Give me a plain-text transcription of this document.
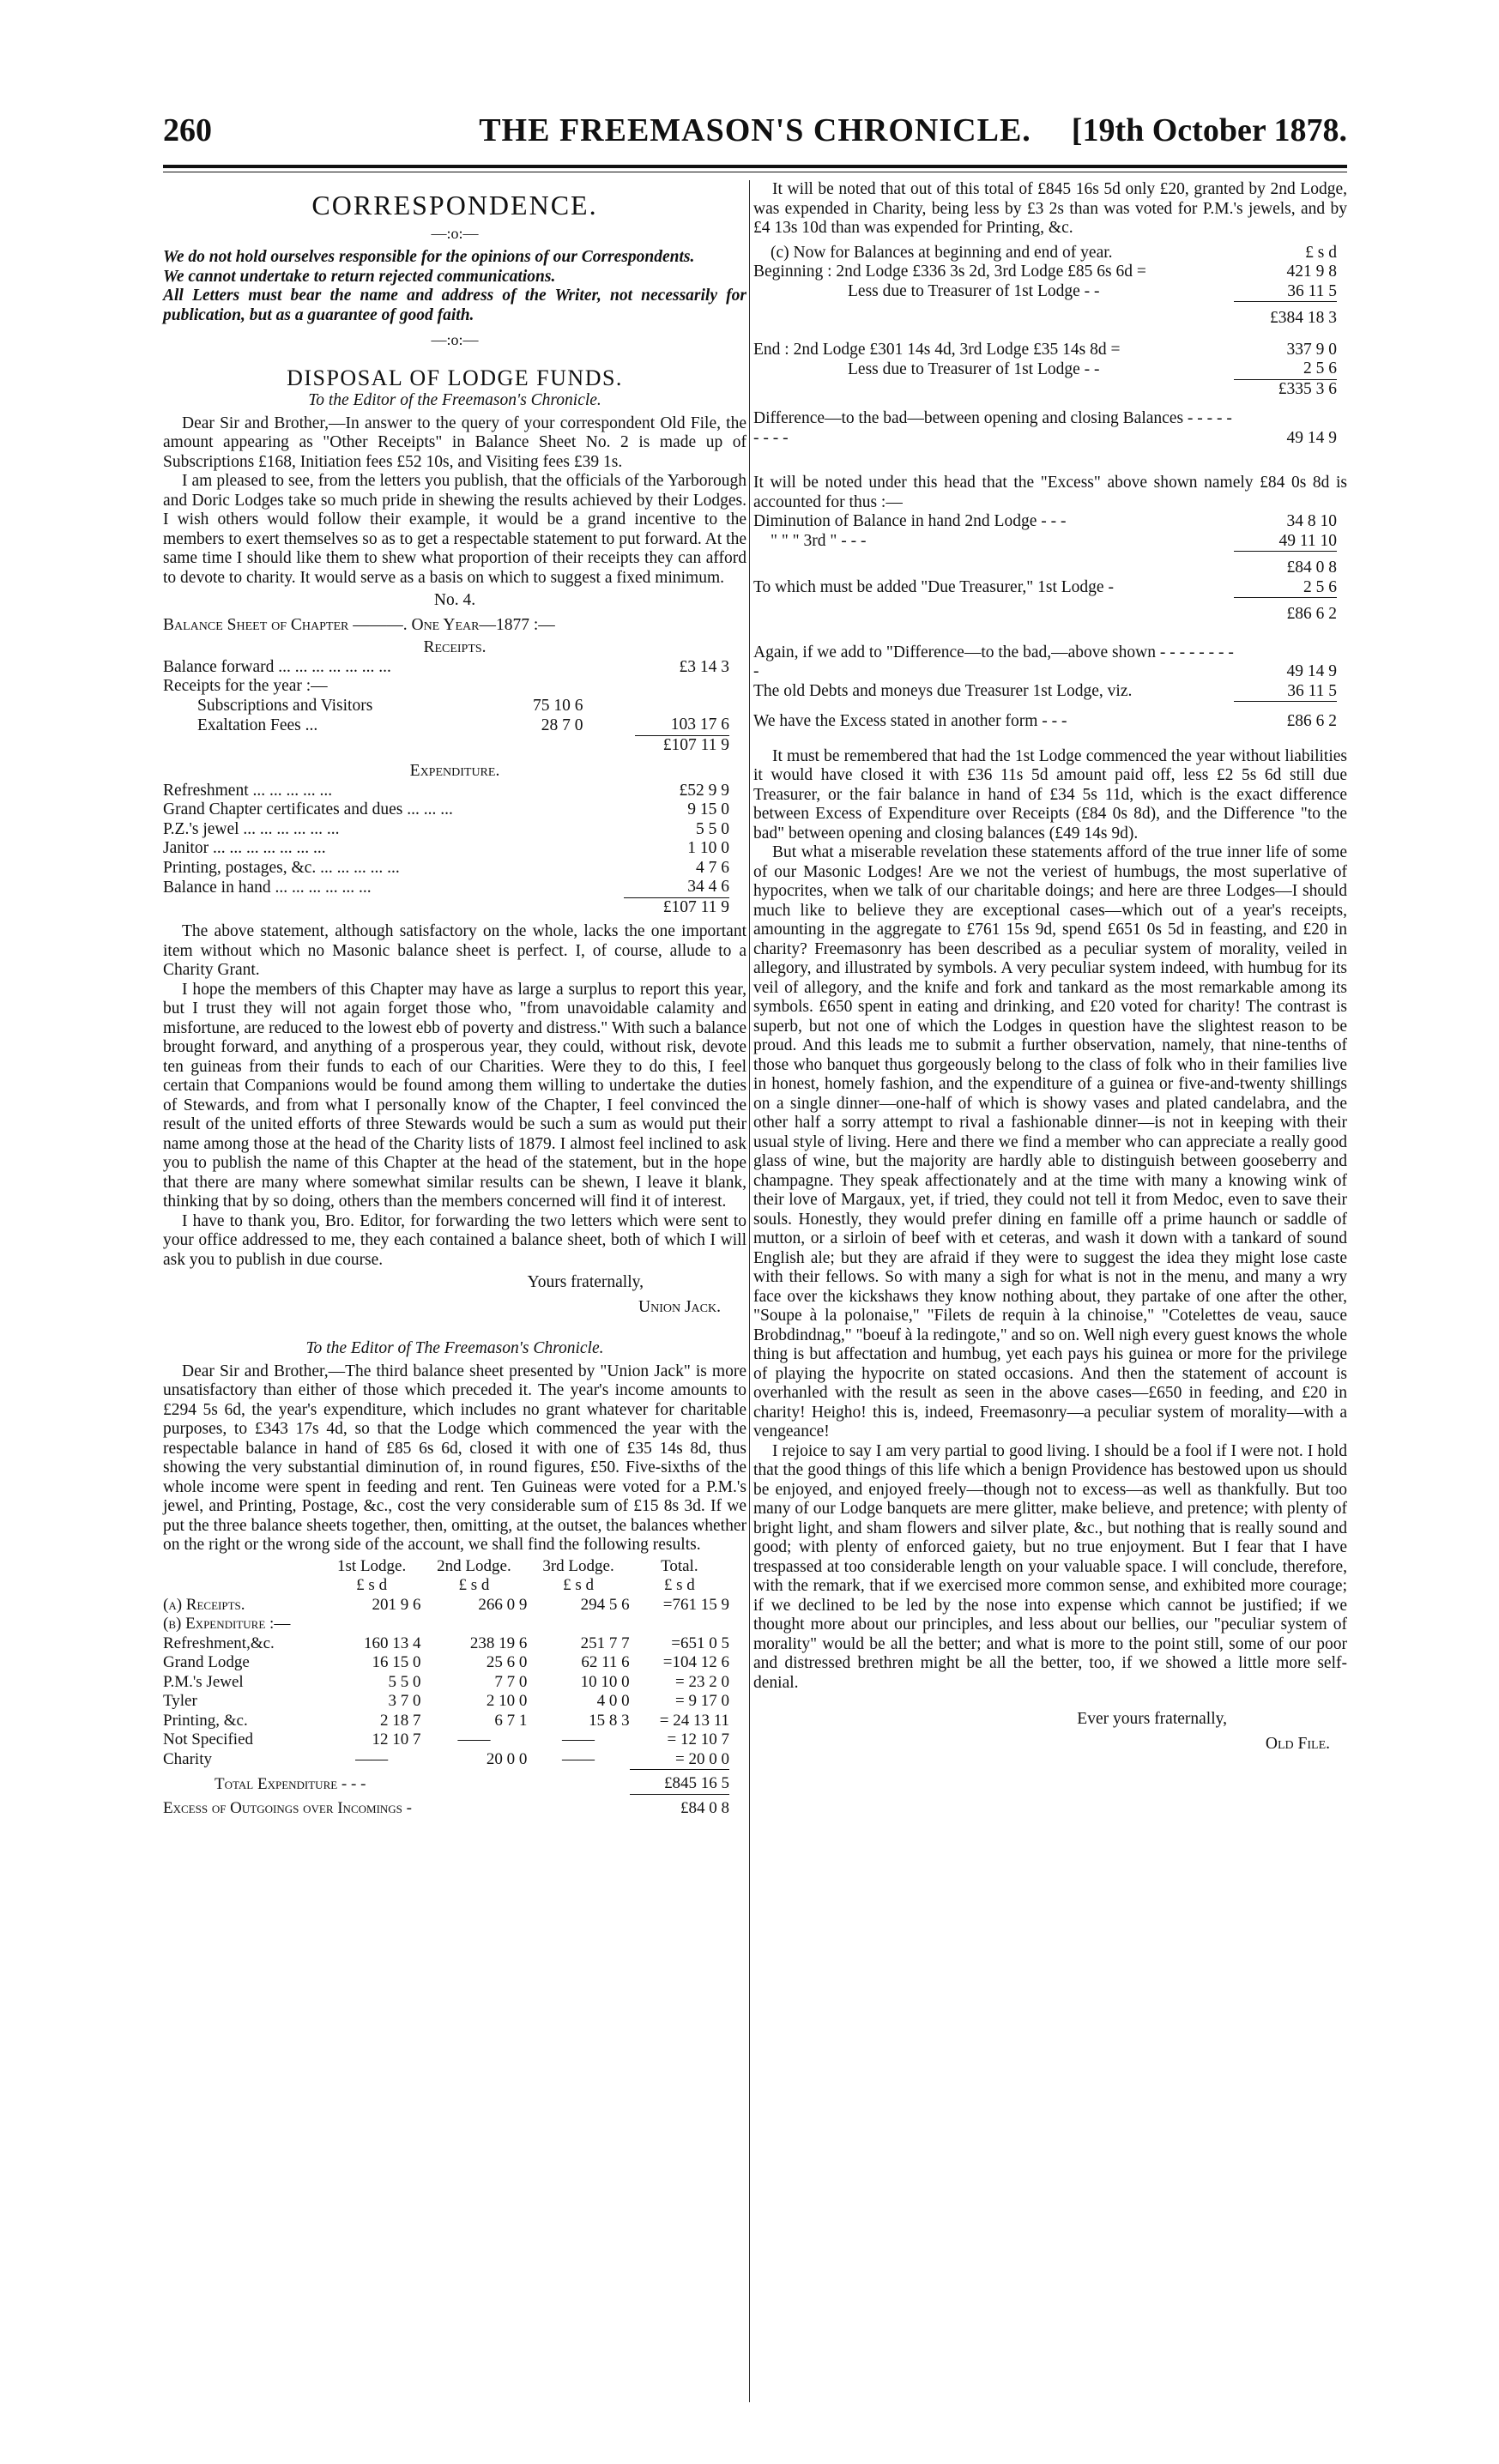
260	THE FREEMASON'S CHRONICLE.	[19th October 1878.
CORRESPONDENCE.
—:o:—

We do not hold ourselves responsible for the opinions of our Correspondents.

We cannot undertake to return rejected communications.

All Letters must bear the name and address of the Writer, not necessarily for publication, but as a guarantee of good faith.

—:o:—
DISPOSAL OF LODGE FUNDS.
To the Editor of the Freemason's Chronicle.

Dear Sir and Brother,—In answer to the query of your correspondent Old File, the amount appearing as "Other Receipts" in Balance Sheet No. 2 is made up of Subscriptions £168, Initiation fees £52 10s, and Visiting fees £39 1s.

I am pleased to see, from the letters you publish, that the officials of the Yarborough and Doric Lodges take so much pride in shewing the results achieved by their Lodges. I wish others would follow their example, it would be a grand incentive to the members to exert themselves so as to get a respectable statement to put forward. At the same time I should like them to shew what proportion of their receipts they can afford to devote to charity. It would serve as a basis on which to suggest a fixed minimum.

No. 4.
Balance Sheet of Chapter ———. One Year—1877 :—
Receipts.
Balance forward ... ... ... ... ... ... ...		£3 14 3
Receipts for the year :—		
Subscriptions and Visitors	75 10 6	
Exaltation Fees ...	28 7 0	103 17 6
		£107 11 9
Expenditure.
Refreshment ... ... ... ... ...	£52 9 9
Grand Chapter certificates and dues ... ... ...	9 15 0
P.Z.'s jewel ... ... ... ... ... ...	5 5 0
Janitor ... ... ... ... ... ... ...	1 10 0
Printing, postages, &c. ... ... ... ... ...	4 7 6
Balance in hand ... ... ... ... ... ...	34 4 6
	£107 11 9

The above statement, although satisfactory on the whole, lacks the one important item without which no Masonic balance sheet is perfect. I, of course, allude to a Charity Grant.

I hope the members of this Chapter may have as large a surplus to report this year, but I trust they will not again forget those who, "from unavoidable calamity and misfortune, are reduced to the lowest ebb of poverty and distress." With such a balance brought forward, and anything of a prosperous year, they could, without risk, devote ten guineas from their funds to each of our Charities. Were they to do this, I feel certain that Companions would be found among them willing to undertake the duties of Stewards, and from what I personally know of the Chapter, I feel convinced the result of the united efforts of three Stewards would be such a sum as would put their name among those at the head of the Charity lists of 1879. I almost feel inclined to ask you to publish the name of this Chapter at the head of the statement, but in the hope that there are many where somewhat similar results can be shewn, I leave it blank, thinking that by so doing, others than the members concerned will find it of interest.

I have to thank you, Bro. Editor, for forwarding the two letters which were sent to your office addressed to me, they each contained a balance sheet, both of which I will ask you to publish in due course.

Yours fraternally,
Union Jack.
To the Editor of The Freemason's Chronicle.

Dear Sir and Brother,—The third balance sheet presented by "Union Jack" is more unsatisfactory than either of those which preceded it. The year's income amounts to £294 5s 6d, the year's expenditure, which includes no grant whatever for charitable purposes, to £343 17s 4d, so that the Lodge which commenced the year with the respectable balance in hand of £85 6s 6d, closed it with one of £35 14s 8d, thus showing the very substantial diminution of, in round figures, £50. Five-sixths of the whole income were spent in feeding and rent. Ten Guineas were voted for a P.M.'s jewel, and Printing, Postage, &c., cost the very considerable sum of £15 8s 3d. If we put the three balance sheets together, then, omitting, at the outset, the balances whether on the right or the wrong side of the account, we shall find the following results.

	1st Lodge.	2nd Lodge.	3rd Lodge.	Total.
	£ s d	£ s d	£ s d	£ s d
(a) Receipts.	201 9 6	266 0 9	294 5 6	=761 15 9
(b) Expenditure :—				
Refreshment,&c.	160 13 4	238 19 6	251 7 7	=651 0 5
Grand Lodge	16 15 0	25 6 0	62 11 6	=104 12 6
P.M.'s Jewel	5 5 0	7 7 0	10 10 0	= 23 2 0
Tyler	3 7 0	2 10 0	4 0 0	= 9 17 0
Printing, &c.	2 18 7	6 7 1	15 8 3	= 24 13 11
Not Specified	12 10 7	——	——	= 12 10 7
Charity	——	20 0 0	——	= 20 0 0
Total Expenditure - - -				£845 16 5
Excess of Outgoings over Incomings -				£84 0 8

It will be noted that out of this total of £845 16s 5d only £20, granted by 2nd Lodge, was expended in Charity, being less by £3 2s than was voted for P.M.'s jewels, and by £4 13s 10d than was expended for Printing, &c.

(c) Now for Balances at beginning and end of year.	£ s d
Beginning : 2nd Lodge £336 3s 2d, 3rd Lodge £85 6s 6d =	421 9 8
Less due to Treasurer of 1st Lodge - -	36 11 5
	£384 18 3
End : 2nd Lodge £301 14s 4d, 3rd Lodge £35 14s 8d =	337 9 0
Less due to Treasurer of 1st Lodge - -	2 5 6
	£335 3 6
Difference—to the bad—between opening and closing Balances - - - - - - - - -	49 14 9

It will be noted under this head that the "Excess" above shown namely £84 0s 8d is accounted for thus :—

Diminution of Balance in hand 2nd Lodge - - -	34 8 10
" " " 3rd " - - -	49 11 10
	£84 0 8
To which must be added "Due Treasurer," 1st Lodge -	2 5 6
	£86 6 2
Again, if we add to "Difference—to the bad,—above shown - - - - - - - - -	49 14 9
The old Debts and moneys due Treasurer 1st Lodge, viz.	36 11 5
We have the Excess stated in another form - - -	£86 6 2

It must be remembered that had the 1st Lodge commenced the year without liabilities it would have closed it with £36 11s 5d amount paid off, less £2 5s 6d still due Treasurer, or the fair balance in hand of £34 5s 11d, which is the exact difference between Excess of Expenditure over Receipts (£84 0s 8d), and the Difference "to the bad" between opening and closing balances (£49 14s 9d).

But what a miserable revelation these statements afford of the true inner life of some of our Masonic Lodges! Are we not the veriest of humbugs, the most superlative of hypocrites, when we talk of our charitable doings; and here are three Lodges—I should much like to believe they are exceptional cases—which out of a year's receipts, amounting in the aggregate to £761 15s 9d, spend £651 0s 5d in feasting, and £20 in charity? Freemasonry has been described as a peculiar system of morality, veiled in allegory, and illustrated by symbols. A very peculiar system indeed, with humbug for its veil of allegory, and the knife and fork and tankard as the most remarkable among its symbols. £650 spent in eating and drinking, and £20 voted for charity! The contrast is superb, but not one of which the Lodges in question have the slightest reason to be proud. And this leads me to submit a further observation, namely, that nine-tenths of those who banquet thus gorgeously belong to the class of folk who in their families live in honest, homely fashion, and the expenditure of a guinea or five-and-twenty shillings on a single dinner—one-half of which is showy vases and plated candelabra, and the other half a sorry attempt to rival a fashionable dinner—is not in keeping with their usual style of living. Here and there we find a member who can appreciate a really good glass of wine, but the majority are hardly able to distinguish between gooseberry and champagne. They speak affectionately and at the time with many a knowing wink of their love of Margaux, yet, if tried, they could not tell it from Medoc, even to save their souls. Honestly, they would prefer dining en famille off a prime haunch or saddle of mutton, or a sirloin of beef with et ceteras, and wash it down with a tankard of sound English ale; but they are afraid if they were to suggest the idea they might lose caste with their fellows. So with many a sigh for what is not in the menu, and many a wry face over the kickshaws they know nothing about, they partake of one after the other, "Soupe à la polonaise," "Filets de requin à la chinoise," "Cotelettes de veau, sauce Brobdindnag," "boeuf à la redingote," and so on. Well nigh every guest knows the whole thing is but affectation and humbug, yet each pays his guinea or more for the privilege of playing the hypocrite on stated occasions. And then the statement of account is overhanled with the result as seen in the above cases—£650 in feeding, and £20 in charity! Heigho! this is, indeed, Freemasonry—a peculiar system of morality—with a vengeance!

I rejoice to say I am very partial to good living. I should be a fool if I were not. I hold that the good things of this life which a benign Providence has bestowed upon us should be enjoyed, and enjoyed freely—though not to excess—as well as thankfully. But too many of our Lodge banquets are mere glitter, make believe, and pretence; with plenty of bright light, and sham flowers and silver plate, &c., but nothing that is really sound and good; with plenty of enforced gaiety, but no true enjoyment. But I fear that I have trespassed at too considerable length on your valuable space. I will conclude, therefore, with the remark, that if we exercised more common sense, and exhibited more courage; if we declined to be led by the nose into expense which cannot be justified; if we thought more about our principles, and less about our bellies, our "peculiar system of morality" would be all the better; and what is more to the point still, some of our poor and distressed brethren might be all the better, too, if we showed a little more self-denial.

Ever yours fraternally,
Old File.
